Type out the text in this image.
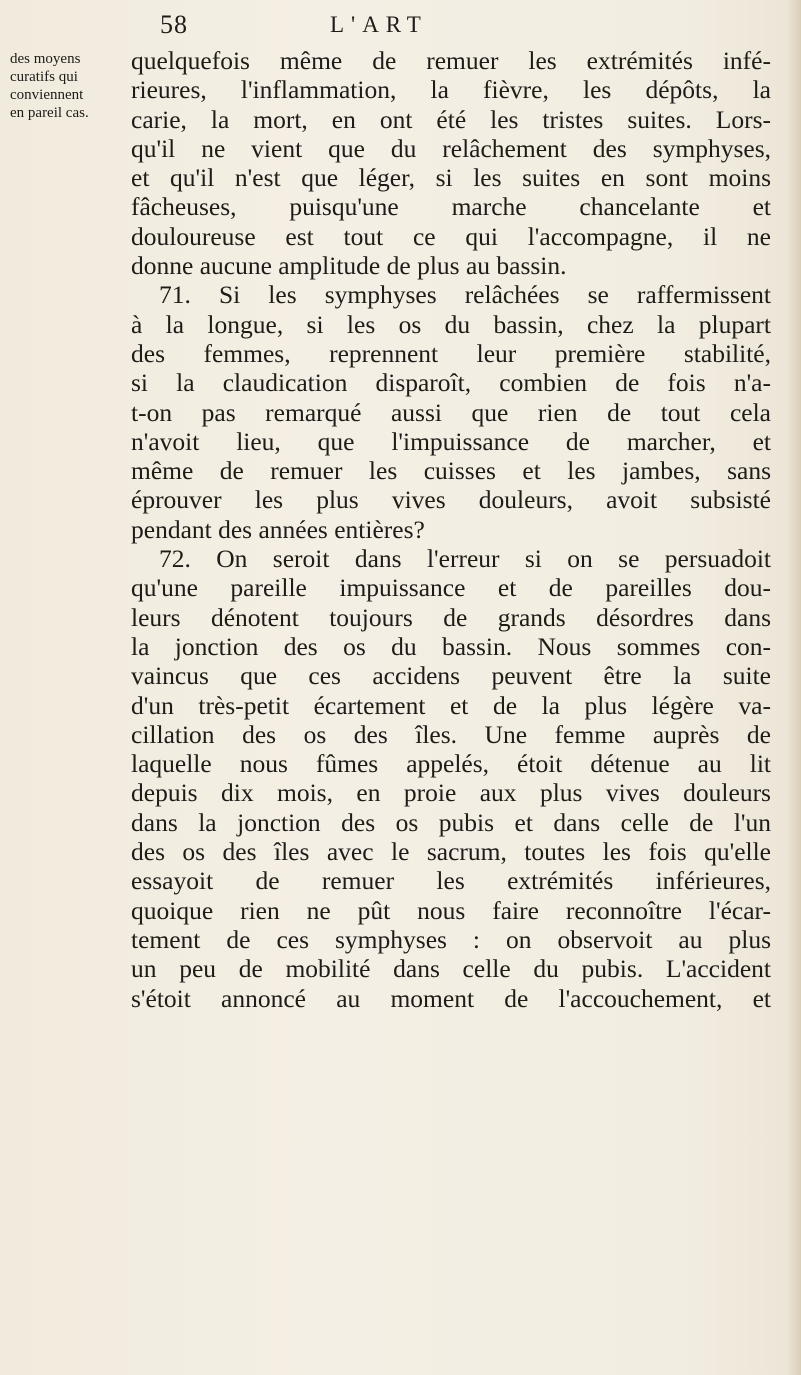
58	L'ART
des moyens
curatifs qui
conviennent
en pareil cas.
quelquefois même de remuer les extrémités infé-
rieures, l'inflammation, la fièvre, les dépôts, la
carie, la mort, en ont été les tristes suites. Lors-
qu'il ne vient que du relâchement des symphyses,
et qu'il n'est que léger, si les suites en sont moins
fâcheuses, puisqu'une marche chancelante et
douloureuse est tout ce qui l'accompagne, il ne
donne aucune amplitude de plus au bassin.
71. Si les symphyses relâchées se raffermissent
à la longue, si les os du bassin, chez la plupart
des femmes, reprennent leur première stabilité,
si la claudication disparoît, combien de fois n'a-
t-on pas remarqué aussi que rien de tout cela
n'avoit lieu, que l'impuissance de marcher, et
même de remuer les cuisses et les jambes, sans
éprouver les plus vives douleurs, avoit subsisté
pendant des années entières?
72. On seroit dans l'erreur si on se persuadoit
qu'une pareille impuissance et de pareilles dou-
leurs dénotent toujours de grands désordres dans
la jonction des os du bassin. Nous sommes con-
vaincus que ces accidens peuvent être la suite
d'un très-petit écartement et de la plus légère va-
cillation des os des îles. Une femme auprès de
laquelle nous fûmes appelés, étoit détenue au lit
depuis dix mois, en proie aux plus vives douleurs
dans la jonction des os pubis et dans celle de l'un
des os des îles avec le sacrum, toutes les fois qu'elle
essayoit de remuer les extrémités inférieures,
quoique rien ne pût nous faire reconnoître l'écar-
tement de ces symphyses : on observoit au plus
un peu de mobilité dans celle du pubis. L'accident
s'étoit annoncé au moment de l'accouchement, et
